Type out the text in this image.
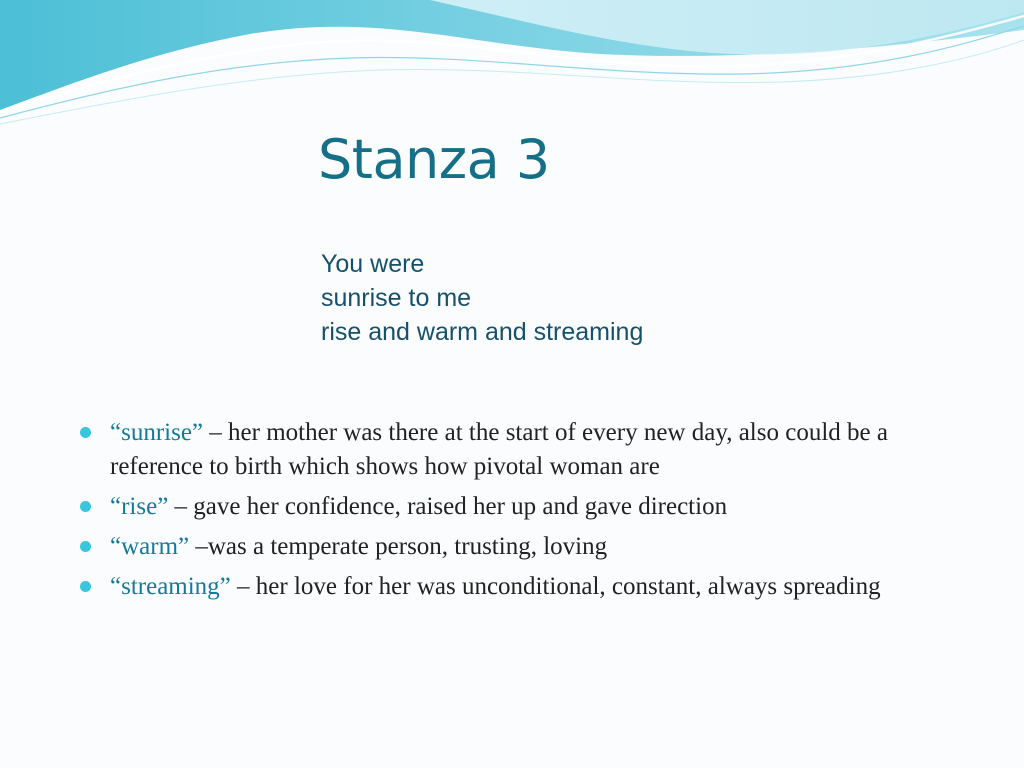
Stanza 3
You were
sunrise to me
rise and warm and streaming
“sunrise” – her mother was there at the start of every new day, also could be a reference to birth which shows how pivotal woman are
“rise” – gave her confidence, raised her up and gave direction
“warm” –was a temperate person, trusting, loving
“streaming” – her love for her was unconditional, constant, always spreading
